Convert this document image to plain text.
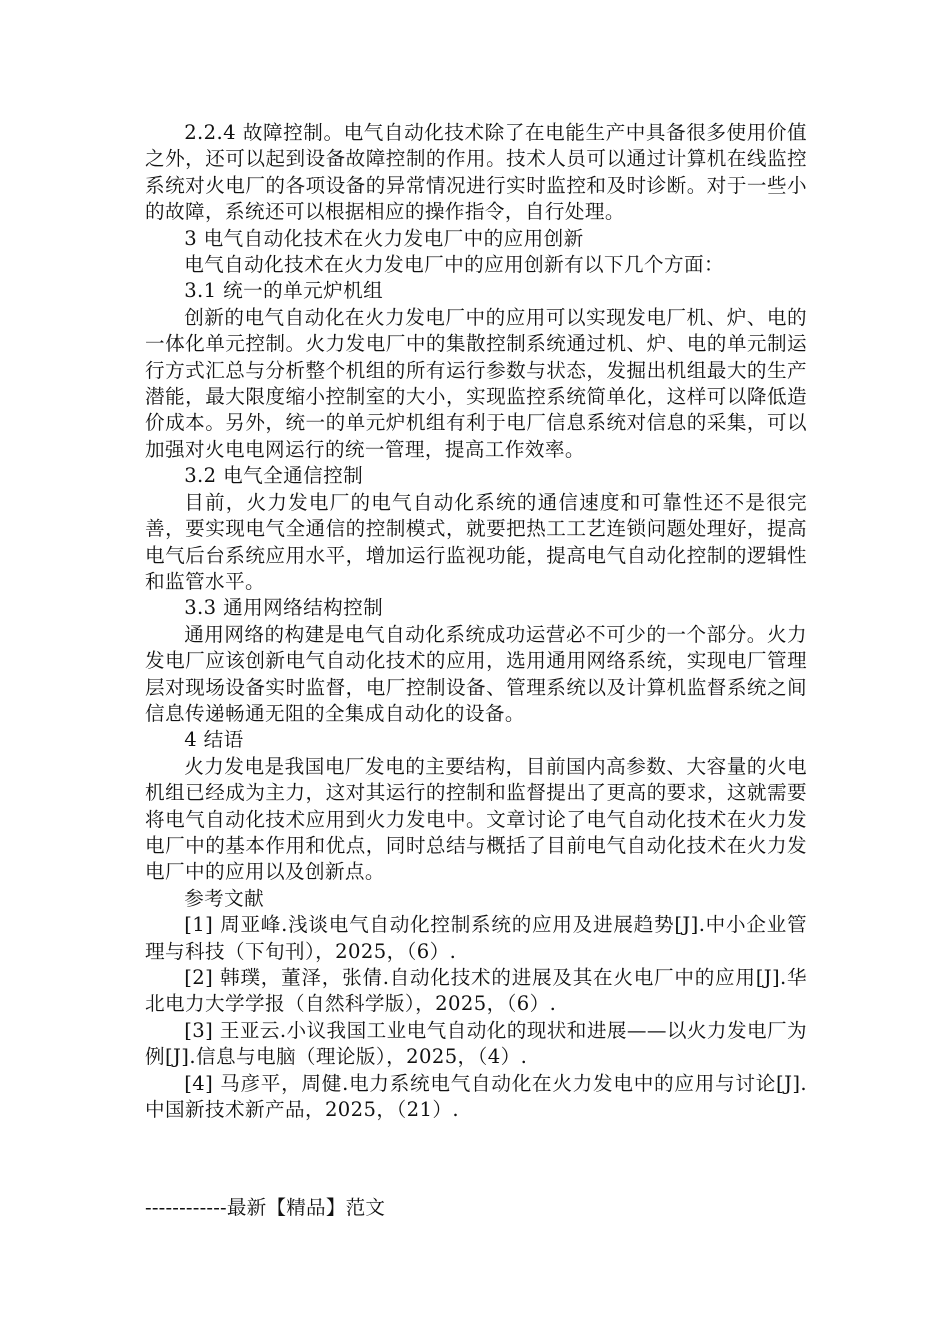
2.2.4 故障控制。电气自动化技术除了在电能生产中具备很多使用价值之外，还可以起到设备故障控制的作用。技术人员可以通过计算机在线监控系统对火电厂的各项设备的异常情况进行实时监控和及时诊断。对于一些小的故障，系统还可以根据相应的操作指令，自行处理。

3 电气自动化技术在火力发电厂中的应用创新

电气自动化技术在火力发电厂中的应用创新有以下几个方面：

3.1 统一的单元炉机组

创新的电气自动化在火力发电厂中的应用可以实现发电厂机、炉、电的一体化单元控制。火力发电厂中的集散控制系统通过机、炉、电的单元制运行方式汇总与分析整个机组的所有运行参数与状态，发掘出机组最大的生产潜能，最大限度缩小控制室的大小，实现监控系统简单化，这样可以降低造价成本。另外，统一的单元炉机组有利于电厂信息系统对信息的采集，可以加强对火电电网运行的统一管理，提高工作效率。

3.2 电气全通信控制

目前，火力发电厂的电气自动化系统的通信速度和可靠性还不是很完善，要实现电气全通信的控制模式，就要把热工工艺连锁问题处理好，提高电气后台系统应用水平，增加运行监视功能，提高电气自动化控制的逻辑性和监管水平。

3.3 通用网络结构控制

通用网络的构建是电气自动化系统成功运营必不可少的一个部分。火力发电厂应该创新电气自动化技术的应用，选用通用网络系统，实现电厂管理层对现场设备实时监督，电厂控制设备、管理系统以及计算机监督系统之间信息传递畅通无阻的全集成自动化的设备。

4 结语

火力发电是我国电厂发电的主要结构，目前国内高参数、大容量的火电机组已经成为主力，这对其运行的控制和监督提出了更高的要求，这就需要将电气自动化技术应用到火力发电中。文章讨论了电气自动化技术在火力发电厂中的基本作用和优点，同时总结与概括了目前电气自动化技术在火力发电厂中的应用以及创新点。

参考文献

[1] 周亚峰.浅谈电气自动化控制系统的应用及进展趋势[J].中小企业管理与科技（下旬刊），2025，（6）.

[2] 韩璞，董泽，张倩.自动化技术的进展及其在火电厂中的应用[J].华北电力大学学报（自然科学版），2025，（6）.

[3] 王亚云.小议我国工业电气自动化的现状和进展——以火力发电厂为例[J].信息与电脑（理论版），2025，（4）.

[4] 马彦平，周健.电力系统电气自动化在火力发电中的应用与讨论[J].中国新技术新产品，2025，（21）.

------------最新【精品】范文
